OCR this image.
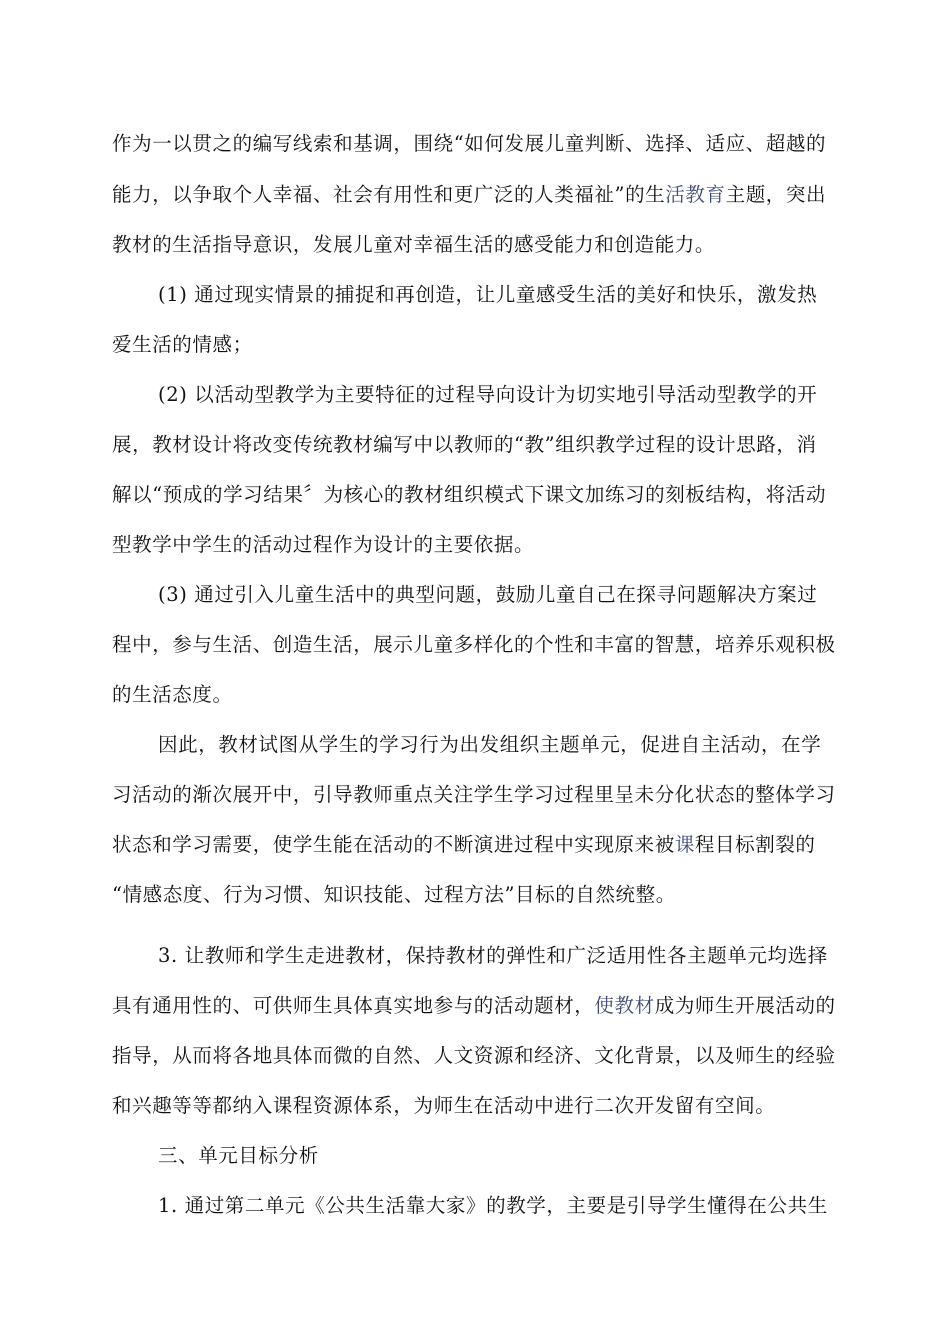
作为一以贯之的编写线索和基调，围绕“如何发展儿童判断、选择、适应、超越的
能力，以争取个人幸福、社会有用性和更广泛的人类福祉”的生活教育主题，突出
教材的生活指导意识，发展儿童对幸福生活的感受能力和创造能力。
(1) 通过现实情景的捕捉和再创造，让儿童感受生活的美好和快乐，激发热
爱生活的情感；
(2) 以活动型教学为主要特征的过程导向设计为切实地引导活动型教学的开
展，教材设计将改变传统教材编写中以教师的“教”组织教学过程的设计思路，消
解以“预成的学习结果〞为核心的教材组织模式下课文加练习的刻板结构，将活动
型教学中学生的活动过程作为设计的主要依据。
(3) 通过引入儿童生活中的典型问题，鼓励儿童自己在探寻问题解决方案过
程中，参与生活、创造生活，展示儿童多样化的个性和丰富的智慧，培养乐观积极
的生活态度。
因此，教材试图从学生的学习行为出发组织主题单元，促进自主活动，在学
习活动的渐次展开中，引导教师重点关注学生学习过程里呈未分化状态的整体学习
状态和学习需要，使学生能在活动的不断演进过程中实现原来被课程目标割裂的
“情感态度、行为习惯、知识技能、过程方法”目标的自然统整。
3. 让教师和学生走进教材，保持教材的弹性和广泛适用性各主题单元均选择
具有通用性的、可供师生具体真实地参与的活动题材，使教材成为师生开展活动的
指导，从而将各地具体而微的自然、人文资源和经济、文化背景，以及师生的经验
和兴趣等等都纳入课程资源体系，为师生在活动中进行二次开发留有空间。
三、单元目标分析
1. 通过第二单元《公共生活靠大家》的教学，主要是引导学生懂得在公共生
